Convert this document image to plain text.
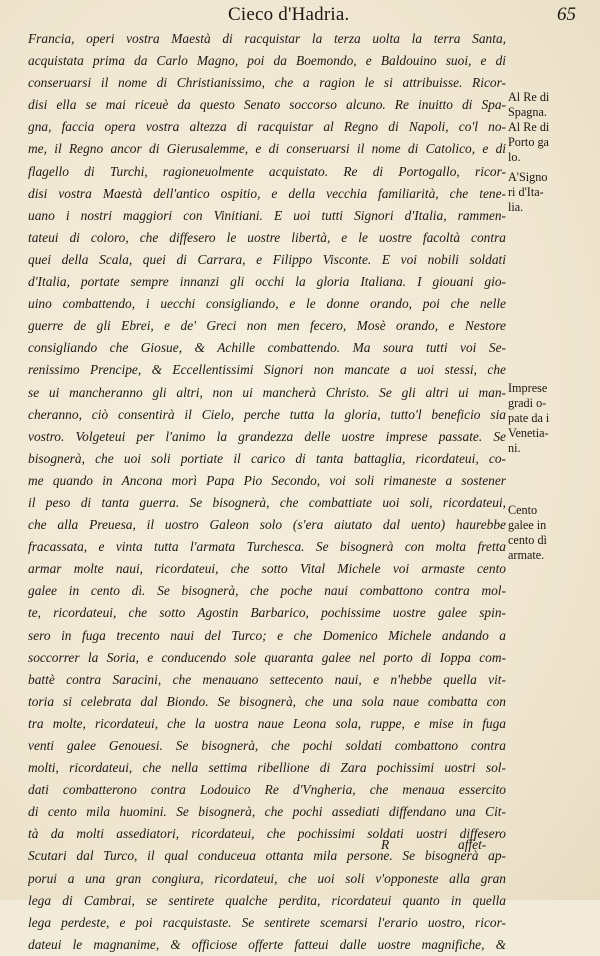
Cieco d'Hadria.	65
Francia, operi vostra Maestà di racquistar la terza uolta la terra Santa,
acquistata prima da Carlo Magno, poi da Boemondo, e Baldouino suoi, e di
conseruarsi il nome di Christianissimo, che a ragion le si attribuisse. Ricor-
disi ella se mai riceuè da questo Senato soccorso alcuno. Re inuitto di Spa-
gna, faccia opera vostra altezza di racquistar al Regno di Napoli, co'l no-
me, il Regno ancor di Gierusalemme, e di conseruarsi il nome di Catolico, e di
flagello di Turchi, ragioneuolmente acquistato. Re di Portogallo, ricor-
disi vostra Maestà dell'antico ospitio, e della vecchia familiarità, che tene-
uano i nostri maggiori con Vinitiani. E uoi tutti Signori d'Italia, rammen-
tateui di coloro, che diffesero le uostre libertà, e le uostre facoltà contra
quei della Scala, quei di Carrara, e Filippo Visconte. E voi nobili soldati
d'Italia, portate sempre innanzi gli occhi la gloria Italiana. I giouani gio-
uino combattendo, i uecchi consigliando, e le donne orando, poi che nelle
guerre de gli Ebrei, e de' Greci non men fecero, Mosè orando, e Nestore
consigliando che Giosue, & Achille combattendo. Ma soura tutti voi Se-
renissimo Prencipe, & Eccellentissimi Signori non mancate a uoi stessi, che
se ui mancheranno gli altri, non ui mancherà Christo. Se gli altri ui man-
cheranno, ciò consentirà il Cielo, perche tutta la gloria, tutto'l beneficio sia
vostro. Volgeteui per l'animo la grandezza delle uostre imprese passate. Se
bisognerà, che uoi soli portiate il carico di tanta battaglia, ricordateui, co-
me quando in Ancona morì Papa Pio Secondo, voi soli rimaneste a sostener
il peso di tanta guerra. Se bisognerà, che combattiate uoi soli, ricordateui,
che alla Preuesa, il uostro Galeon solo (s'era aiutato dal uento) haurebbe
fracassata, e vinta tutta l'armata Turchesca. Se bisognerà con molta fretta
armar molte naui, ricordateui, che sotto Vital Michele voi armaste cento
galee in cento dì. Se bisognerà, che poche naui combattono contra mol-
te, ricordateui, che sotto Agostin Barbarico, pochissime uostre galee spin-
sero in fuga trecento naui del Turco; e che Domenico Michele andando a
soccorrer la Soria, e conducendo sole quaranta galee nel porto di Ioppa com-
battè contra Saracini, che menauano settecento naui, e n'hebbe quella vit-
toria si celebrata dal Biondo. Se bisognerà, che una sola naue combatta con
tra molte, ricordateui, che la uostra naue Leona sola, ruppe, e mise in fuga
venti galee Genouesi. Se bisognerà, che pochi soldati combattono contra
molti, ricordateui, che nella settima ribellione di Zara pochissimi uostri sol-
dati combatterono contra Lodouico Re d'Vngheria, che menaua essercito
di cento mila huomini. Se bisognerà, che pochi assediati diffendano una Cit-
tà da molti assediatori, ricordateui, che pochissimi soldati uostri diffesero
Scutari dal Turco, il qual conduceua ottanta mila persone. Se bisognerà ap-
porui a una gran congiura, ricordateui, che uoi soli v'opponeste alla gran
lega di Cambrai, se sentirete qualche perdita, ricordateui quanto in quella
lega perdeste, e poi racquistaste. Se sentirete scemarsi l'erario uostro, ricor-
dateui le magnanime, & officiose offerte fatteui dalle uostre magnifiche, &
Al Re di
Spagna.
Al Re di
Porto ga
lo.
A'Signo
ri d'Ita-
lia.
Imprese
gradi o-
pate da i
Venetia-
ni.
Cento
galee in
cento dì
armate.
R	affet-
